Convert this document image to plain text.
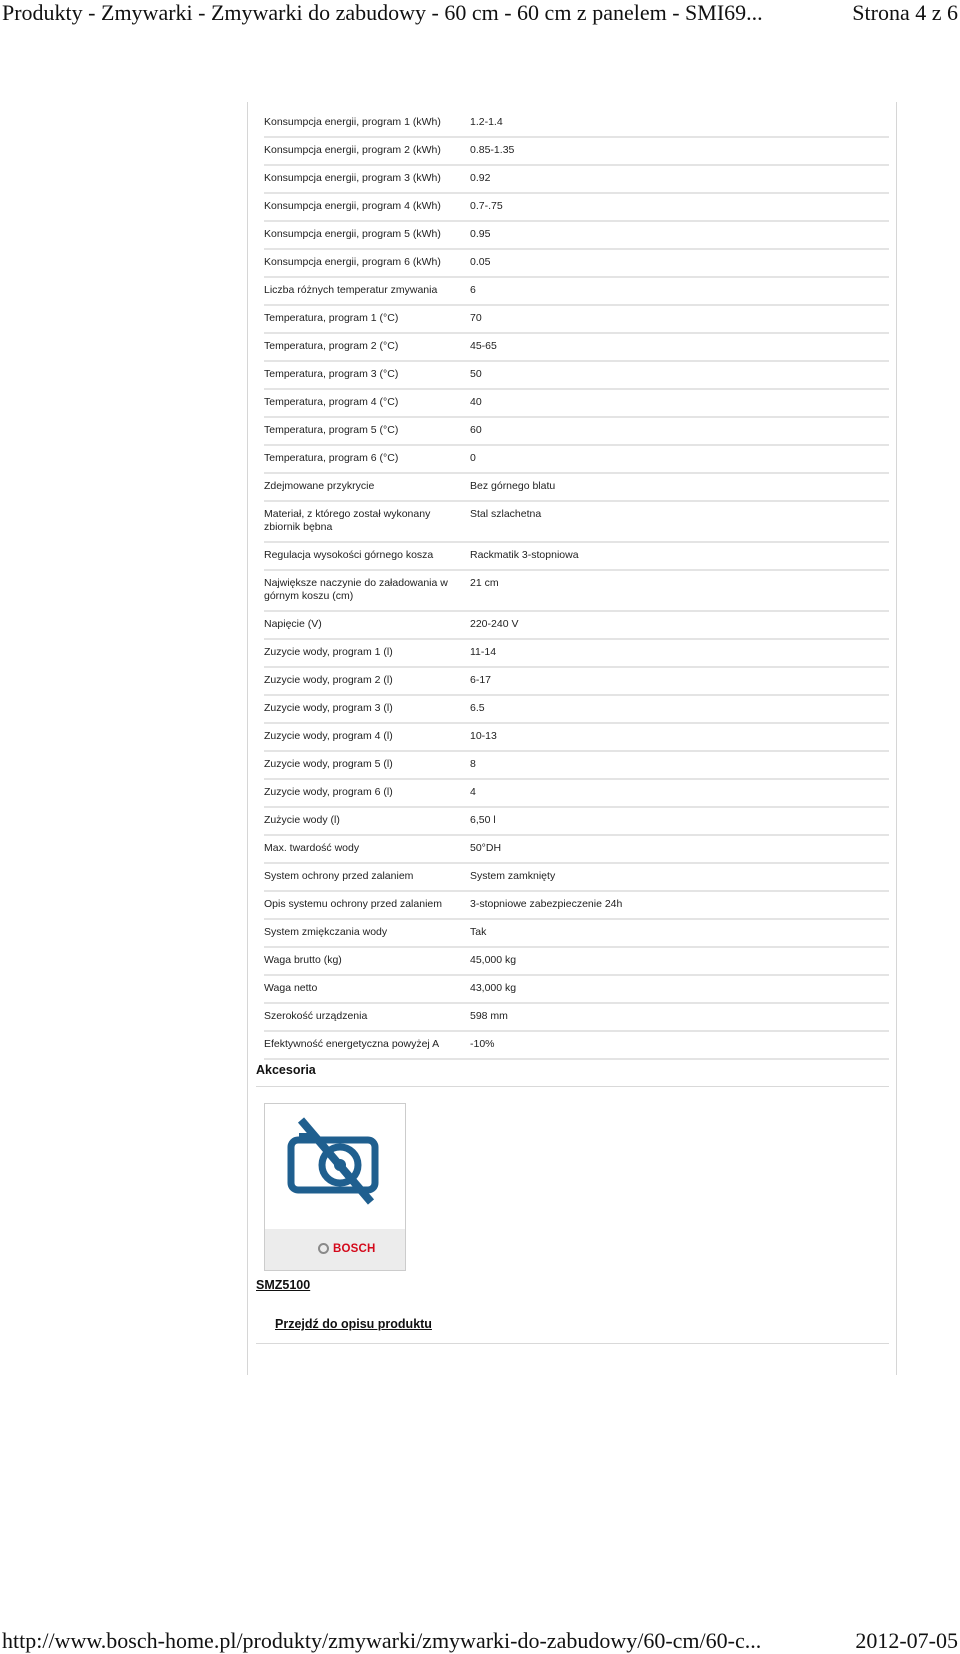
Produkty - Zmywarki - Zmywarki do zabudowy - 60 cm - 60 cm z panelem - SMI69...	Strona 4 z 6
Konsumpcja energii, program 1 (kWh)	1.2-1.4
Konsumpcja energii, program 2 (kWh)	0.85-1.35
Konsumpcja energii, program 3 (kWh)	0.92
Konsumpcja energii, program 4 (kWh)	0.7-.75
Konsumpcja energii, program 5 (kWh)	0.95
Konsumpcja energii, program 6 (kWh)	0.05
Liczba różnych temperatur zmywania	6
Temperatura, program 1 (°C)	70
Temperatura, program 2 (°C)	45-65
Temperatura, program 3 (°C)	50
Temperatura, program 4 (°C)	40
Temperatura, program 5 (°C)	60
Temperatura, program 6 (°C)	0
Zdejmowane przykrycie	Bez górnego blatu
Materiał, z którego został wykonany zbiornik bębna	Stal szlachetna
Regulacja wysokości górnego kosza	Rackmatik 3-stopniowa
Największe naczynie do załadowania w górnym koszu (cm)	21 cm
Napięcie (V)	220-240 V
Zuzycie wody, program 1 (l)	11-14
Zuzycie wody, program 2 (l)	6-17
Zuzycie wody, program 3 (l)	6.5
Zuzycie wody, program 4 (l)	10-13
Zuzycie wody, program 5 (l)	8
Zuzycie wody, program 6 (l)	4
Zużycie wody (l)	6,50 l
Max. twardość wody	50°DH
System ochrony przed zalaniem	System zamknięty
Opis systemu ochrony przed zalaniem	3-stopniowe zabezpieczenie 24h
System zmiękczania wody	Tak
Waga brutto (kg)	45,000 kg
Waga netto	43,000 kg
Szerokość urządzenia	598 mm
Efektywność energetyczna powyżej A	-10%
Akcesoria
BOSCH
SMZ5100
Przejdź do opisu produktu
http://www.bosch-home.pl/produkty/zmywarki/zmywarki-do-zabudowy/60-cm/60-c...	2012-07-05
